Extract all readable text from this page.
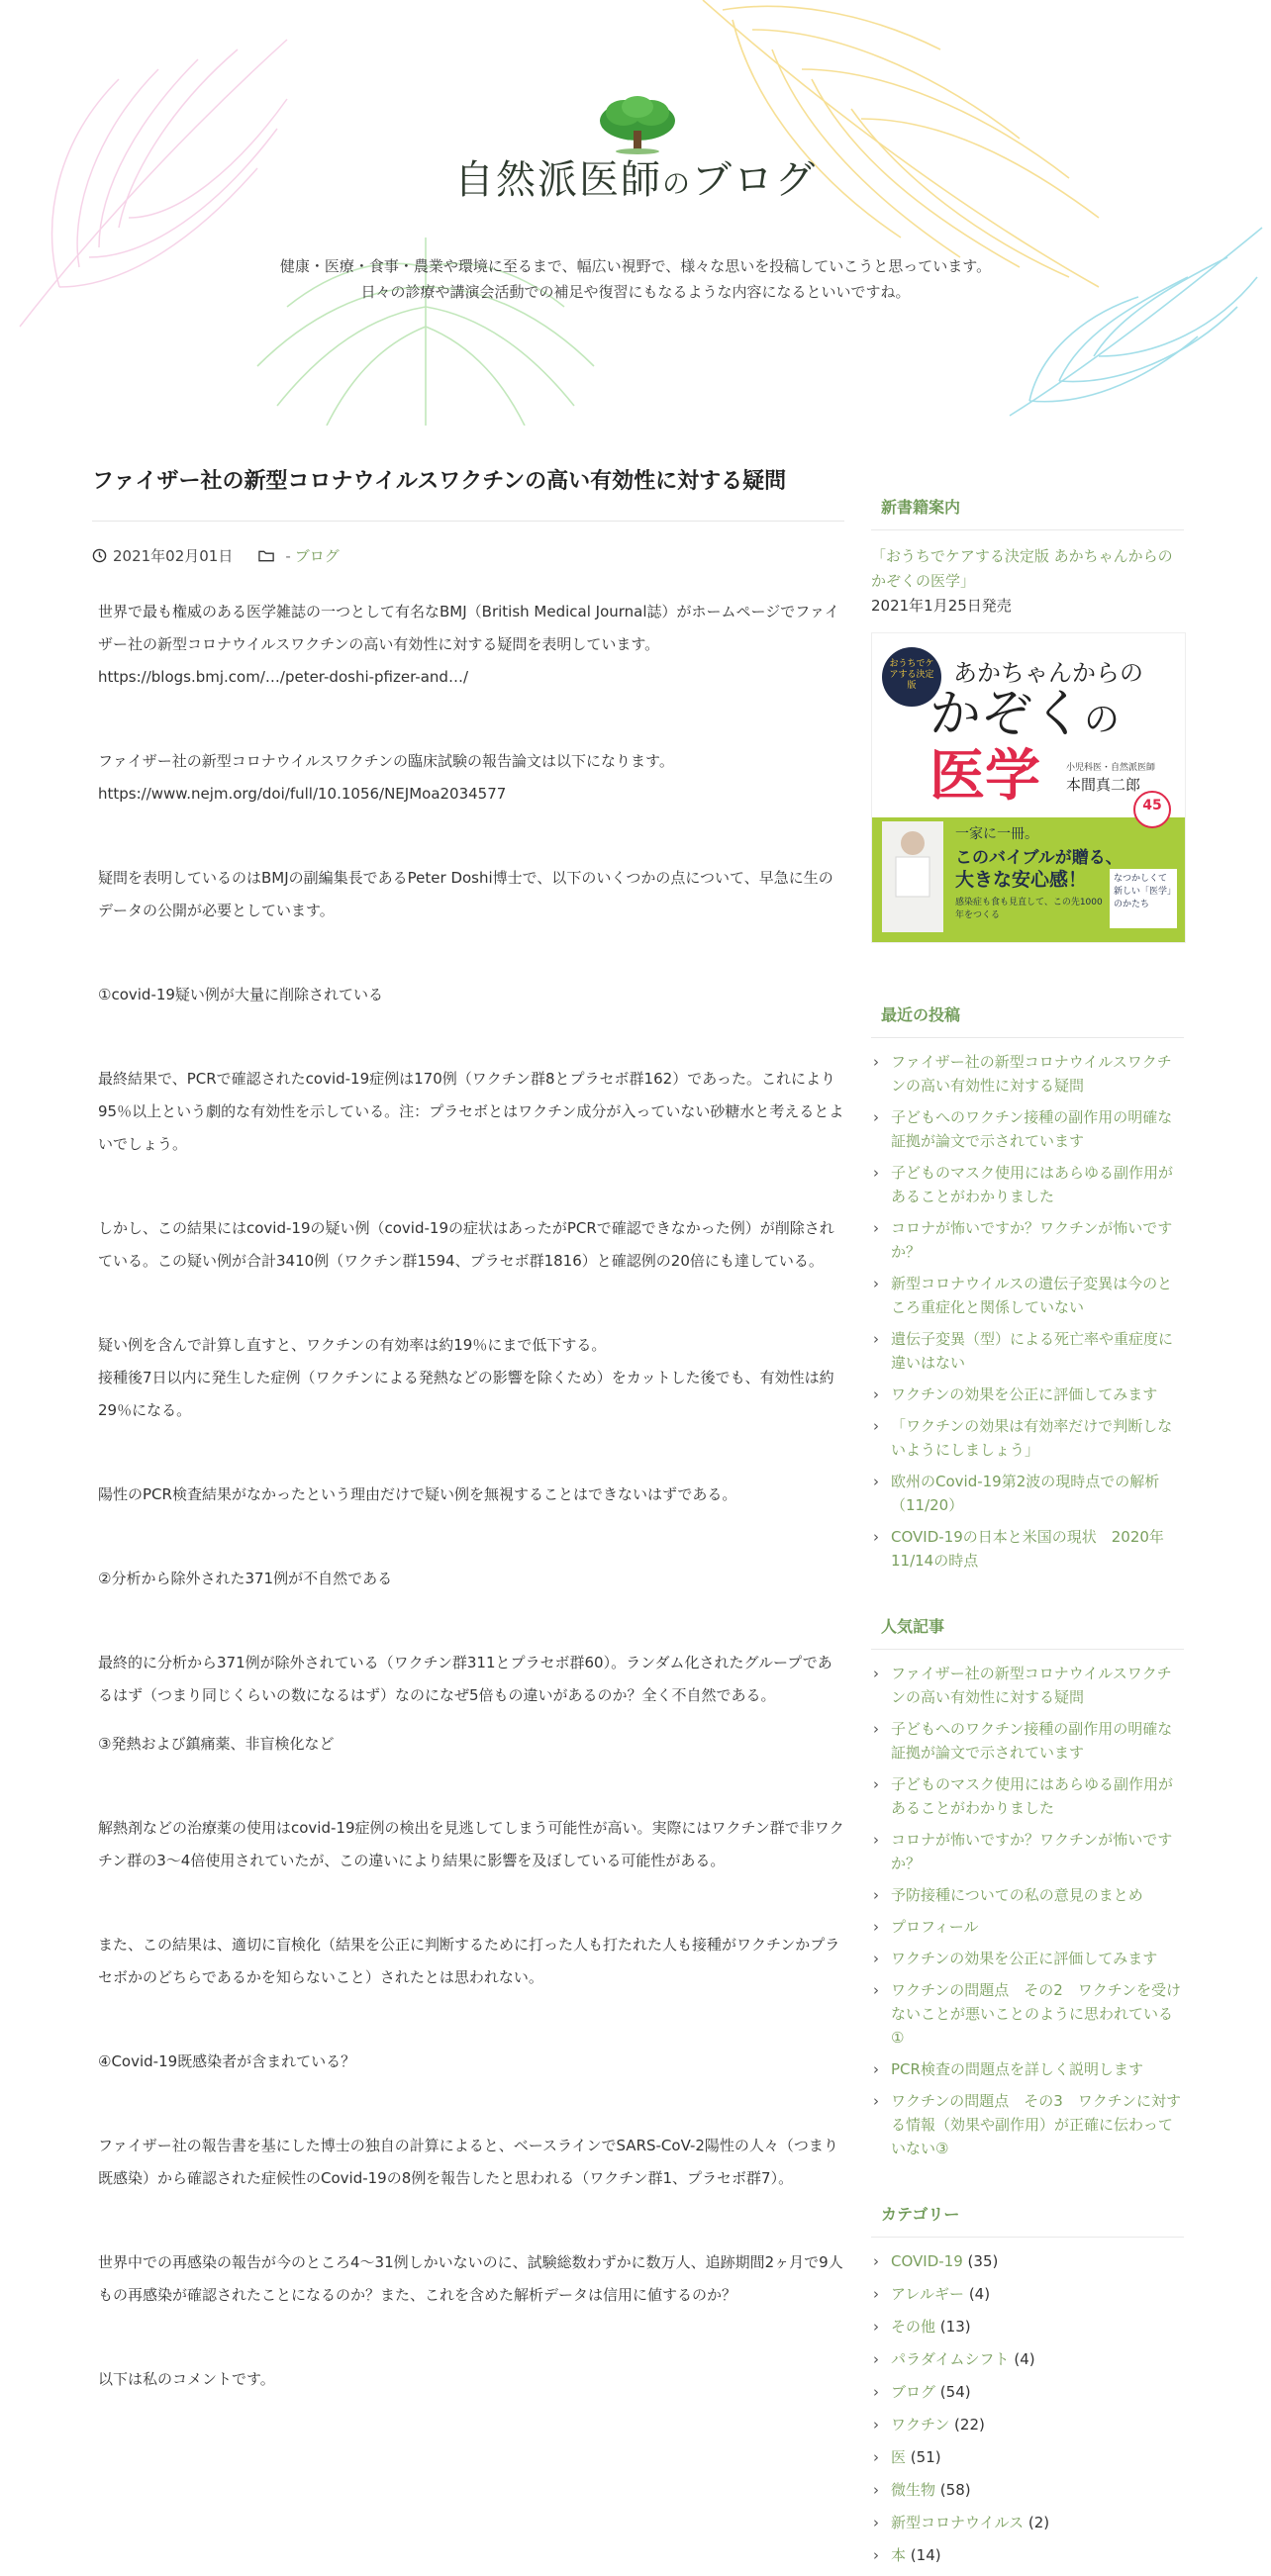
自然派医師のブログ
健康・医療・食事・農業や環境に至るまで、幅広い視野で、様々な思いを投稿していこうと思っています。
日々の診療や講演会活動での補足や復習にもなるような内容になるといいですね。
ファイザー社の新型コロナウイルスワクチンの高い有効性に対する疑問
2021年02月01日	- ブログ

世界で最も権威のある医学雑誌の一つとして有名なBMJ（British Medical Journal誌）がホームページでファイザー社の新型コロナウイルスワクチンの高い有効性に対する疑問を表明しています。

https://blogs.bmj.com/…/peter-doshi-pfizer-and…/

ファイザー社の新型コロナウイルスワクチンの臨床試験の報告論文は以下になります。

https://www.nejm.org/doi/full/10.1056/NEJMoa2034577

疑問を表明しているのはBMJの副編集長であるPeter Doshi博士で、以下のいくつかの点について、早急に生のデータの公開が必要としています。

①covid-19疑い例が大量に削除されている

最終結果で、PCRで確認されたcovid-19症例は170例（ワクチン群8とプラセボ群162）であった。これにより95％以上という劇的な有効性を示している。注：プラセボとはワクチン成分が入っていない砂糖水と考えるとよいでしょう。

しかし、この結果にはcovid-19の疑い例（covid-19の症状はあったがPCRで確認できなかった例）が削除されている。この疑い例が合計3410例（ワクチン群1594、プラセボ群1816）と確認例の20倍にも達している。

疑い例を含んで計算し直すと、ワクチンの有効率は約19％にまで低下する。

接種後7日以内に発生した症例（ワクチンによる発熱などの影響を除くため）をカットした後でも、有効性は約29％になる。

陽性のPCR検査結果がなかったという理由だけで疑い例を無視することはできないはずである。

②分析から除外された371例が不自然である

最終的に分析から371例が除外されている（ワクチン群311とプラセボ群60）。ランダム化されたグループであるはず（つまり同じくらいの数になるはず）なのになぜ5倍もの違いがあるのか？全く不自然である。

③発熱および鎮痛薬、非盲検化など

解熱剤などの治療薬の使用はcovid-19症例の検出を見逃してしまう可能性が高い。実際にはワクチン群で非ワクチン群の3～4倍使用されていたが、この違いにより結果に影響を及ぼしている可能性がある。

また、この結果は、適切に盲検化（結果を公正に判断するために打った人も打たれた人も接種がワクチンかプラセボかのどちらであるかを知らないこと）されたとは思われない。

④Covid-19既感染者が含まれている？

ファイザー社の報告書を基にした博士の独自の計算によると、ベースラインでSARS-CoV-2陽性の人々（つまり既感染）から確認された症候性のCovid-19の8例を報告したと思われる（ワクチン群1、プラセボ群7）。

世界中での再感染の報告が今のところ4～31例しかいないのに、試験総数わずかに数万人、追跡期間2ヶ月で9人もの再感染が確認されたことになるのか？また、これを含めた解析データは信用に値するのか？

以下は私のコメントです。

新書籍案内
「おうちでケアする決定版 あかちゃんからのかぞくの医学」
2021年1月25日発売
おうちでケアする決定版	あかちゃんからの
かぞくの
医学	小児科医・自然派医師
本間真二郎
45
一家に一冊。
このバイブルが贈る、
大きな安心感！
感染症も食も見直して、この先1000年をつくる
なつかしくて新しい「医学」のかたち
最近の投稿
› ファイザー社の新型コロナウイルスワクチンの高い有効性に対する疑問
› 子どもへのワクチン接種の副作用の明確な証拠が論文で示されています
› 子どものマスク使用にはあらゆる副作用があることがわかりました
› コロナが怖いですか？ワクチンが怖いですか？
› 新型コロナウイルスの遺伝子変異は今のところ重症化と関係していない
› 遺伝子変異（型）による死亡率や重症度に違いはない
› ワクチンの効果を公正に評価してみます
› 「ワクチンの効果は有効率だけで判断しないようにしましょう」
› 欧州のCovid-19第2波の現時点での解析（11/20）
› COVID-19の日本と米国の現状　2020年11/14の時点
人気記事
› ファイザー社の新型コロナウイルスワクチンの高い有効性に対する疑問
› 子どもへのワクチン接種の副作用の明確な証拠が論文で示されています
› 子どものマスク使用にはあらゆる副作用があることがわかりました
› コロナが怖いですか？ワクチンが怖いですか？
› 予防接種についての私の意見のまとめ
› プロフィール
› ワクチンの効果を公正に評価してみます
› ワクチンの問題点　その2　ワクチンを受けないことが悪いことのように思われている①
› PCR検査の問題点を詳しく説明します
› ワクチンの問題点　その3　ワクチンに対する情報（効果や副作用）が正確に伝わっていない③
カテゴリー
› COVID-19 (35)
› アレルギー (4)
› その他 (13)
› パラダイムシフト (4)
› ブログ (54)
› ワクチン (22)
› 医 (51)
› 微生物 (58)
› 新型コロナウイルス (2)
› 本 (14)
